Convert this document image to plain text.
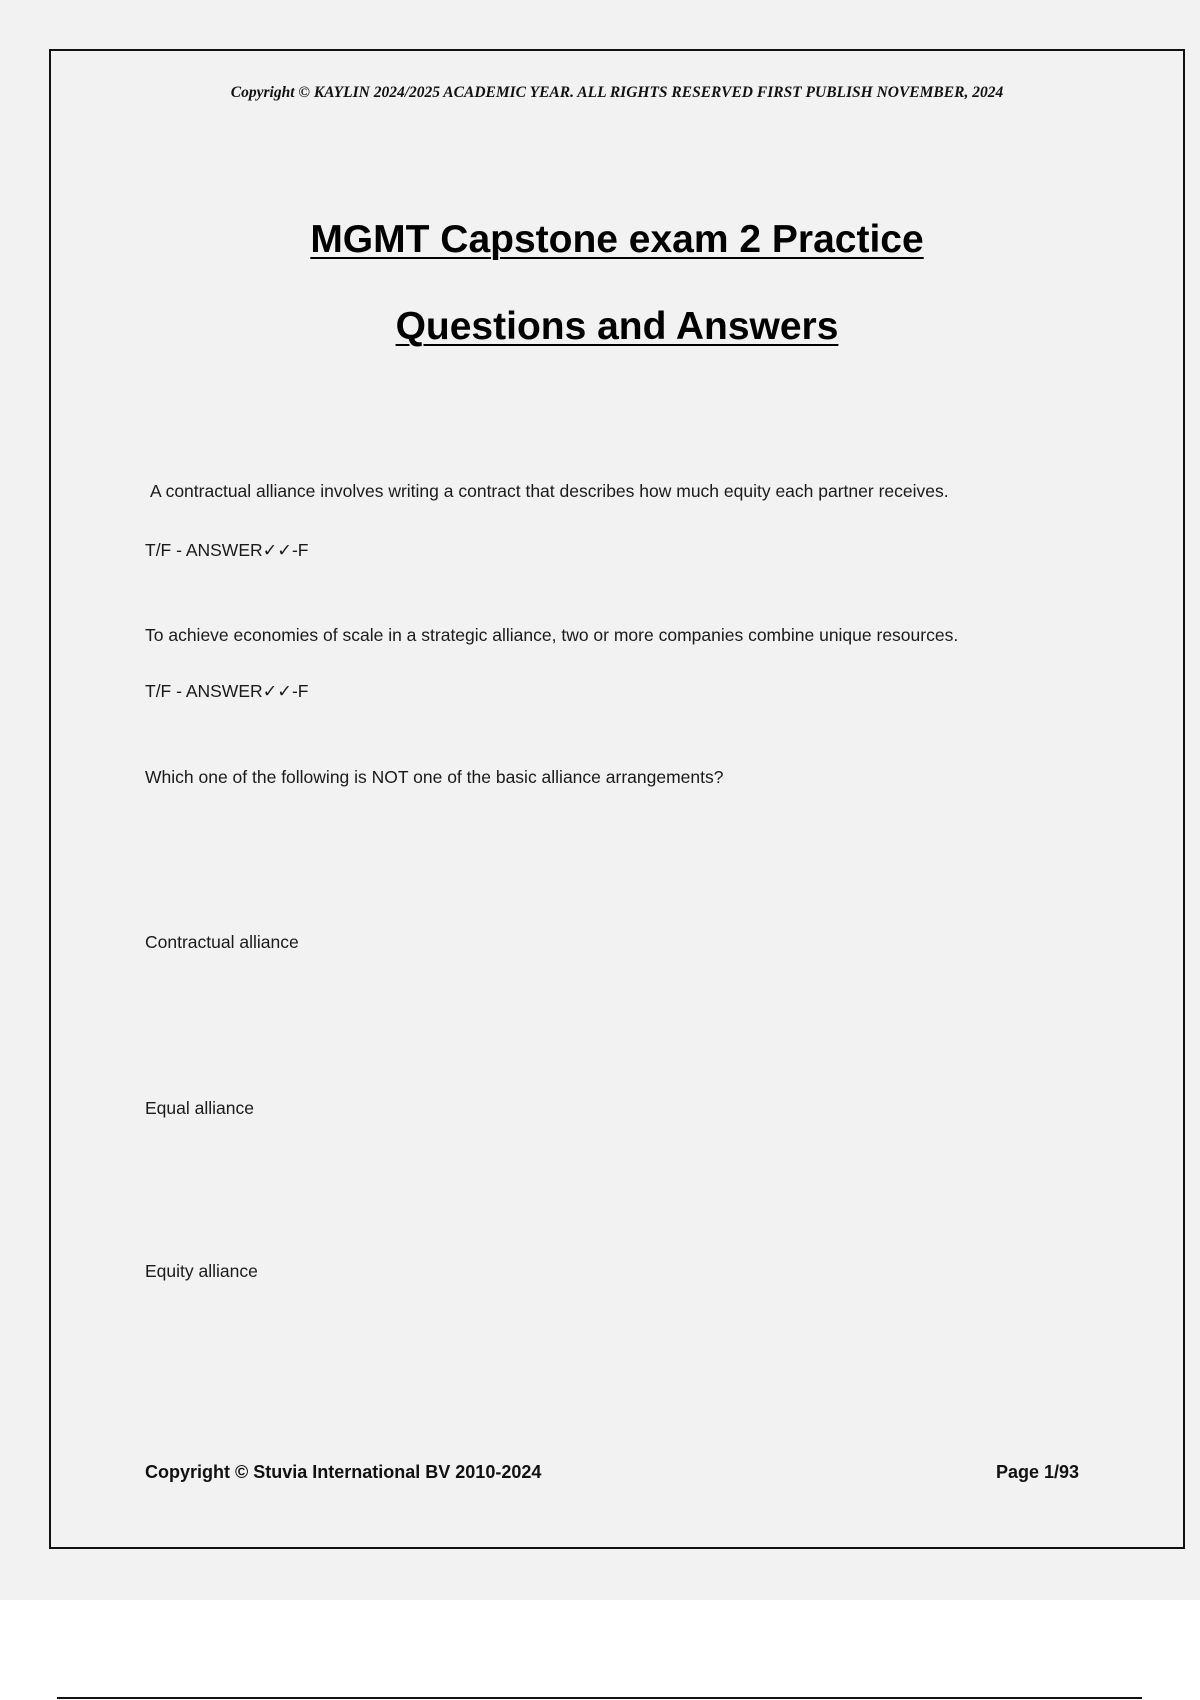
Copyright © KAYLIN 2024/2025 ACADEMIC YEAR. ALL RIGHTS RESERVED FIRST PUBLISH NOVEMBER, 2024
MGMT Capstone exam 2 Practice
Questions and Answers

A contractual alliance involves writing a contract that describes how much equity each partner receives.

T/F - ANSWER✓✓-F

To achieve economies of scale in a strategic alliance, two or more companies combine unique resources.

T/F - ANSWER✓✓-F

Which one of the following is NOT one of the basic alliance arrangements?

Contractual alliance

Equal alliance

Equity alliance

Copyright © Stuvia International BV 2010-2024	Page 1/93
